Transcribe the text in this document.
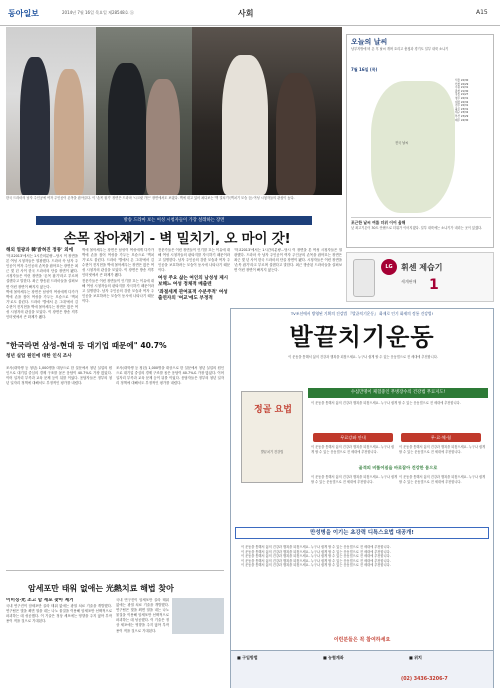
동아일보	2014년 7월 16일 목요일 제28548호 ⓐ	사회	A15
한국 드라마의 남자 주인공에 여자 주인공이 손목을 잡아끌다. 이 '손목 잡기' 장면은 드라마 '시크릿 가든' 장면에서도 보였다. 벽에 대고 있어 쳐다보는 '벽 밀치기'(벽치기 모습 등) 여성 시청자들의 관심이 높다.
방송 드라마 보는 여성 시청자들이 가장 설레하는 장면
손목 잡아채기 - 벽 밀치기, 오 마이 갓!
해외 열광과 韓'밝혀진 정통' 외에
'학교2013'에서는 1시간의분량…당시 이 장면을 본 여성 시청자들은 열광했다. 드라마 속 남자 주인공이 여자 주인공의 손목을 잡아끄는 장면은 최근 몇 년 사이 한국 드라마의 단골 장면이 됐다. 시청자들은 이런 장면을 '손목 잡기'라고 부르며 설렌다고 말한다. 최근 방송된 드라마들을 살펴보면 이런 장면이 빠지지 않는다.
벽에 몰아세우는 장면은 남성이 여성에게 다가가 벽에 손을 짚어 여성을 가두는 모습으로 '벽치기'로도 불린다. 드라마 '별에서 온 그대'에서 김수현이 전지현을 벽에 몰아세우는 장면은 많은 여성 시청자의 관심을 모았다. 이 장면은 방송 직후 인터넷에서 큰 화제가 됐다.
벽에 몰아세우는 장면은 남성이 여성에게 다가가 벽에 손을 짚어 여성을 가두는 모습으로 '벽치기'로도 불린다. 드라마 '별에서 온 그대'에서 김수현이 전지현을 벽에 몰아세우는 장면은 많은 여성 시청자의 관심을 모았다. 이 장면은 방송 직후 인터넷에서 큰 화제가 됐다.
전문가들은 이런 장면들이 인기를 끄는 이유에 대해 여성 시청자들의 판타지를 자극하기 때문이라고 설명한다. 남자 주인공의 강한 모습과 여자 주인공을 보호하려는 모습이 동시에 나타나기 때문이다.
전문가들은 이런 장면들이 인기를 끄는 이유에 대해 여성 시청자들의 판타지를 자극하기 때문이라고 설명한다. 남자 주인공의 강한 모습과 여자 주인공을 보호하려는 모습이 동시에 나타나기 때문이다.
여성 주요 삶는 여인의 남성성 제시 보해느 여성 정체적 메출덴
'좌절세계 관여표적 수분주적' 여성 출연자의 '여교'에도 부정적
'학교2013'에서는 1시간의분량…당시 이 장면을 본 여성 시청자들은 열광했다. 드라마 속 남자 주인공이 여자 주인공의 손목을 잡아끄는 장면은 최근 몇 년 사이 한국 드라마의 단골 장면이 됐다. 시청자들은 이런 장면을 '손목 잡기'라고 부르며 설렌다고 말한다. 최근 방송된 드라마들을 살펴보면 이런 장면이 빠지지 않는다.
"한국라면 삼성-현대 등 대기업 때문에" 40.7%
청년 실업 원인에 대한 인식 조사
조사(대학생 등 청년) 1,000명을 대상으로 한 설문에서 청년 실업의 원인으로 대기업 중심의 경제 구조를 꼽은 응답이 40.7%로 가장 많았다. 이어 일자리 부족과 교육 문제 등이 뒤를 이었다. 응답자들은 정부의 청년 일자리 정책에 대해서도 부정적인 평가를 내렸다.
조사(대학생 등 청년) 1,000명을 대상으로 한 설문에서 청년 실업의 원인으로 대기업 중심의 경제 구조를 꼽은 응답이 40.7%로 가장 많았다. 이어 일자리 부족과 교육 문제 등이 뒤를 이었다. 응답자들은 정부의 청년 일자리 정책에 대해서도 부정적인 평가를 내렸다.
암세포만 태워 없애는 光熱치료 해법 찾아
이미징·光 조고 암 세포 찾아 제거
국내 연구진이 암세포만 골라 태워 없애는 광열 치료 기술을 개발했다. 연구팀은 빛을 쬐면 열을 내는 나노 물질을 이용해 암세포만 선택적으로 파괴하는 데 성공했다. 이 기술은 정상 세포에는 영향을 주지 않아 부작용이 적을 것으로 기대된다.
국내 연구진이 암세포만 골라 태워 없애는 광열 치료 기술을 개발했다. 연구팀은 빛을 쬐면 열을 내는 나노 물질을 이용해 암세포만 선택적으로 파괴하는 데 성공했다. 이 기술은 정상 세포에는 영향을 주지 않아 부작용이 적을 것으로 기대된다.
오늘의 날씨
남부지방에 비 온 후 날씨 개며 흐리고 충청과 경기도 일부 내륙 소나기
7월 16일 (목)
전국 날씨
서울 22/30
인천 22/29
수원 21/31
춘천 21/30
강릉 21/27
청주 22/31
대전 22/32
전주 22/31
광주 23/31
대구 23/32
부산 23/29
제주 24/30
포근한 날씨 여름 더위 이어 올해
낮 최고기온이 30도 안팎으로 더위가 이어지겠다. 일부 내륙에는 소나기가 내리는 곳이 있겠다.
LG	휘센 제습기
세계판매 1
TV조선에서 방영된 기획의 건강법 『발끝치기운동』 화제로 인기 화제의 정통 건강법!
발끝치기운동
이 운동을 통해서 삶의 건강과 행복을 되찾으세요. 누구나 쉽게 할 수 있는 운동법으로 전 세대에 추천합니다.
수십만명이 체험중인 무병장수의 건강법 무료지도!
정골 요법
발끝치기 건강법
이 운동을 통해서 삶의 건강과 행복을 되찾으세요. 누구나 쉽게 할 수 있는 운동법으로 전 세대에 추천합니다.
무료강좌 안내	무·료·체·험
이 운동을 통해서 삶의 건강과 행복을 되찾으세요. 누구나 쉽게 할 수 있는 운동법으로 전 세대에 추천합니다.
이 운동을 통해서 삶의 건강과 행복을 되찾으세요. 누구나 쉽게 할 수 있는 운동법으로 전 세대에 추천합니다.
골격의 비뚤어짐을 바로잡아 건강한 몸으로
이 운동을 통해서 삶의 건강과 행복을 되찾으세요. 누구나 쉽게 할 수 있는 운동법으로 전 세대에 추천합니다.
이 운동을 통해서 삶의 건강과 행복을 되찾으세요. 누구나 쉽게 할 수 있는 운동법으로 전 세대에 추천합니다.
만성병을 이기는 초강력 디톡스요법 대공개!
이 운동을 통해서 삶의 건강과 행복을 되찾으세요. 누구나 쉽게 할 수 있는 운동법으로 전 세대에 추천합니다.
이 운동을 통해서 삶의 건강과 행복을 되찾으세요. 누구나 쉽게 할 수 있는 운동법으로 전 세대에 추천합니다.
이 운동을 통해서 삶의 건강과 행복을 되찾으세요. 누구나 쉽게 할 수 있는 운동법으로 전 세대에 추천합니다.
이 운동을 통해서 삶의 건강과 행복을 되찾으세요. 누구나 쉽게 할 수 있는 운동법으로 전 세대에 추천합니다.
이 운동을 통해서 삶의 건강과 행복을 되찾으세요. 누구나 쉽게 할 수 있는 운동법으로 전 세대에 추천합니다.
이런분들은 꼭 참여하세요
■ 구입방법	■ 농협계좌	■ 위치
(02) 3436-3206-7
